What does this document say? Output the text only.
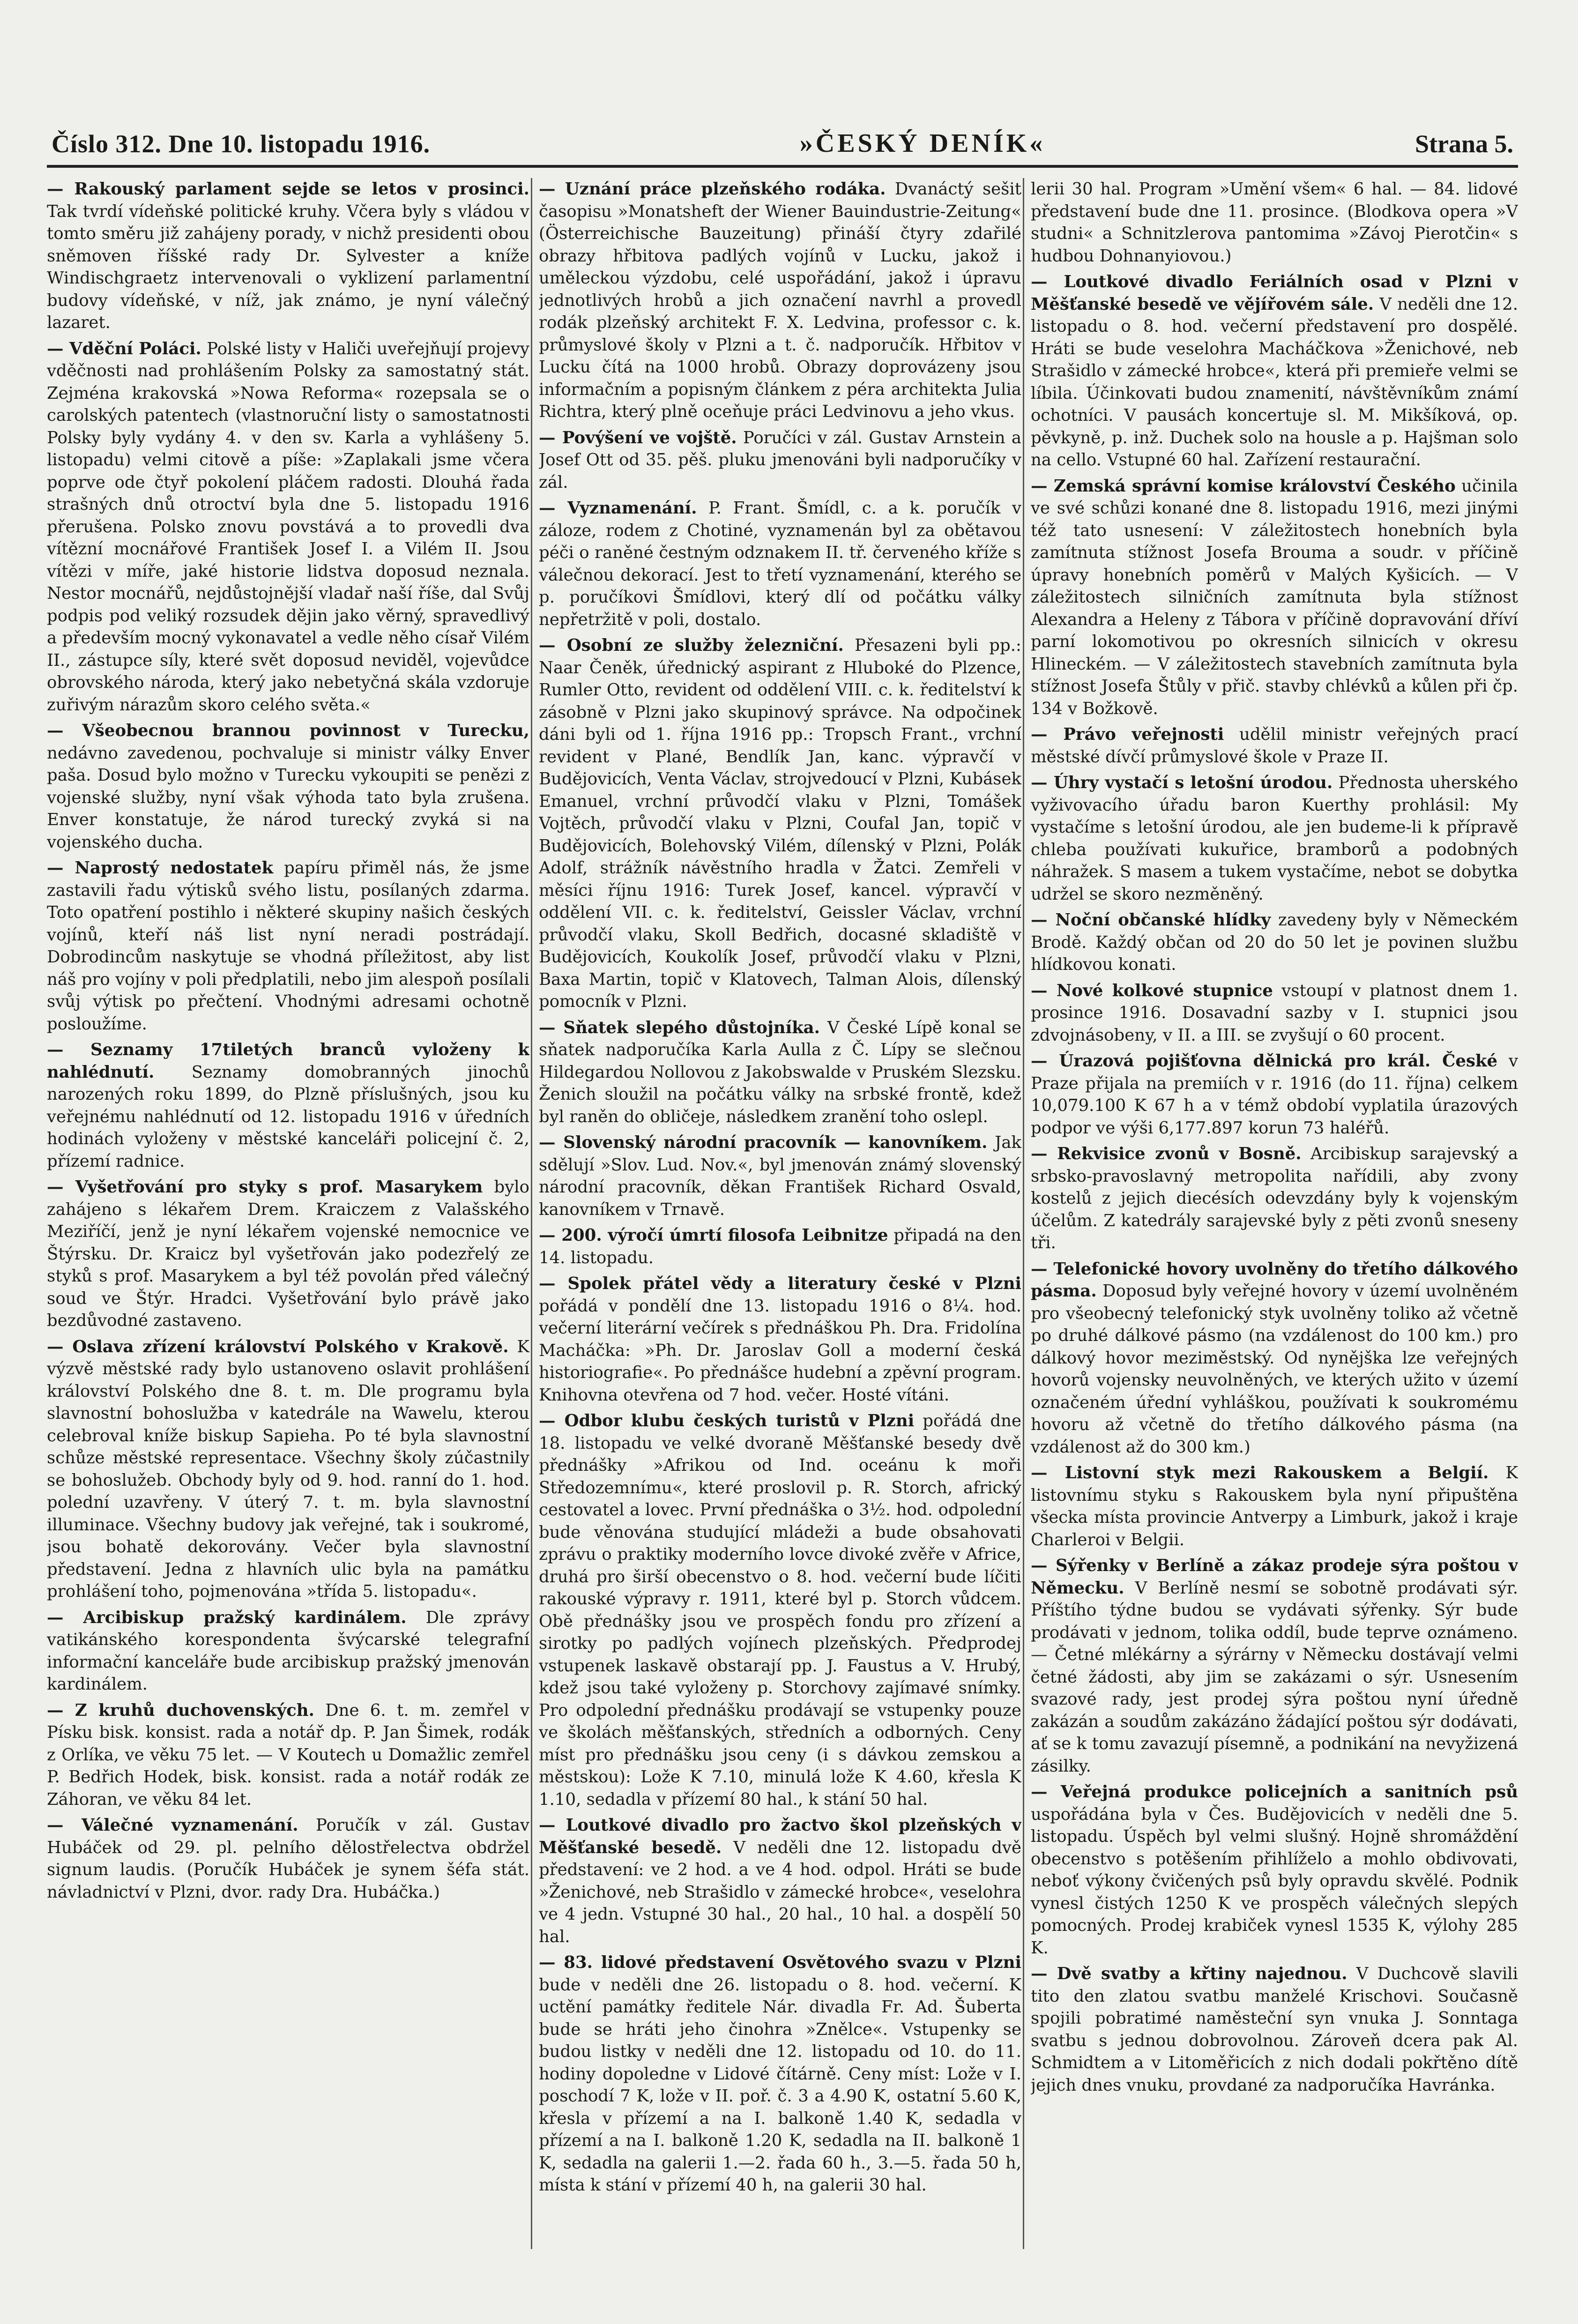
Číslo 312. Dne 10. listopadu 1916.	»ČESKÝ DENÍK«	Strana 5.

— Rakouský parlament sejde se letos v prosinci. Tak tvrdí vídeňské politické kruhy. Včera byly s vládou v tomto směru již zahájeny porady, v nichž presidenti obou sněmoven říšské rady Dr. Sylvester a kníže Windischgraetz intervenovali o vyklizení parlamentní budovy vídeňské, v níž, jak známo, je nyní válečný lazaret.

— Vděční Poláci. Polské listy v Haliči uveřejňují projevy vděčnosti nad prohlášením Polsky za samostatný stát. Zejména krakovská »Nowa Reforma« rozepsala se o carolských patentech (vlastnoruční listy o samostatnosti Polsky byly vydány 4. v den sv. Karla a vyhlášeny 5. listopadu) velmi citově a píše: »Zaplakali jsme včera poprve ode čtyř pokolení pláčem radosti. Dlouhá řada strašných dnů otroctví byla dne 5. listopadu 1916 přerušena. Polsko znovu povstává a to provedli dva vítězní mocnářové František Josef I. a Vilém II. Jsou vítězi v míře, jaké historie lidstva doposud neznala. Nestor mocnářů, nejdůstojnější vladař naší říše, dal Svůj podpis pod veliký rozsudek dějin jako věrný, spravedlivý a především mocný vykonavatel a vedle něho císař Vilém II., zástupce síly, které svět doposud neviděl, vojevůdce obrovského národa, který jako nebetyčná skála vzdoruje zuřivým nárazům skoro celého světa.«

— Všeobecnou brannou povinnost v Turecku, nedávno zavedenou, pochvaluje si ministr války Enver paša. Dosud bylo možno v Turecku vykoupiti se penězi z vojenské služby, nyní však výhoda tato byla zrušena. Enver konstatuje, že národ turecký zvyká si na vojenského ducha.

— Naprostý nedostatek papíru přiměl nás, že jsme zastavili řadu výtisků svého listu, posílaných zdarma. Toto opatření postihlo i některé skupiny našich českých vojínů, kteří náš list nyní neradi postrádají. Dobrodincům naskytuje se vhodná příležitost, aby list náš pro vojíny v poli předplatili, nebo jim alespoň posílali svůj výtisk po přečtení. Vhodnými adresami ochotně posloužíme.

— Seznamy 17tiletých branců vyloženy k nahlédnutí. Seznamy domobranných jinochů narozených roku 1899, do Plzně příslušných, jsou ku veřejnému nahlédnutí od 12. listopadu 1916 v úředních hodinách vyloženy v městské kanceláři policejní č. 2, přízemí radnice.

— Vyšetřování pro styky s prof. Masarykem bylo zahájeno s lékařem Drem. Kraiczem z Valašského Meziříčí, jenž je nyní lékařem vojenské nemocnice ve Štýrsku. Dr. Kraicz byl vyšetřován jako podezřelý ze styků s prof. Masarykem a byl též povolán před válečný soud ve Štýr. Hradci. Vyšetřování bylo právě jako bezdůvodné zastaveno.

— Oslava zřízení království Polského v Krakově. K výzvě městské rady bylo ustanoveno oslavit prohlášení království Polského dne 8. t. m. Dle programu byla slavnostní bohoslužba v katedrále na Wawelu, kterou celebroval kníže biskup Sapieha. Po té byla slavnostní schůze městské representace. Všechny školy zúčastnily se bohoslužeb. Obchody byly od 9. hod. ranní do 1. hod. polední uzavřeny. V úterý 7. t. m. byla slavnostní illuminace. Všechny budovy jak veřejné, tak i soukromé, jsou bohatě dekorovány. Večer byla slavnostní představení. Jedna z hlavních ulic byla na památku prohlášení toho, pojmenována »třída 5. listopadu«.

— Arcibiskup pražský kardinálem. Dle zprávy vatikánského korespondenta švýcarské telegrafní informační kanceláře bude arcibiskup pražský jmenován kardinálem.

— Z kruhů duchovenských. Dne 6. t. m. zemřel v Písku bisk. konsist. rada a notář dp. P. Jan Šimek, rodák z Orlíka, ve věku 75 let. — V Koutech u Domažlic zemřel P. Bedřich Hodek, bisk. konsist. rada a notář rodák ze Záhoran, ve věku 84 let.

— Válečné vyznamenání. Poručík v zál. Gustav Hubáček od 29. pl. pelního dělostřelectva obdržel signum laudis. (Poručík Hubáček je synem šéfa stát. návladnictví v Plzni, dvor. rady Dra. Hubáčka.)

— Uznání práce plzeňského rodáka. Dvanáctý sešit časopisu »Monatsheft der Wiener Bauindustrie-Zeitung« (Österreichische Bauzeitung) přináší čtyry zdařilé obrazy hřbitova padlých vojínů v Lucku, jakož i uměleckou výzdobu, celé uspořádání, jakož i úpravu jednotlivých hrobů a jich označení navrhl a provedl rodák plzeňský architekt F. X. Ledvina, professor c. k. průmyslové školy v Plzni a t. č. nadporučík. Hřbitov v Lucku čítá na 1000 hrobů. Obrazy doprovázeny jsou informačním a popisným článkem z péra architekta Julia Richtra, který plně oceňuje práci Ledvinovu a jeho vkus.

— Povýšení ve vojště. Poručíci v zál. Gustav Arnstein a Josef Ott od 35. pěš. pluku jmenováni byli nadporučíky v zál.

— Vyznamenání. P. Frant. Šmídl, c. a k. poručík v záloze, rodem z Chotiné, vyznamenán byl za obětavou péči o raněné čestným odznakem II. tř. červeného kříže s válečnou dekorací. Jest to třetí vyznamenání, kterého se p. poručíkovi Šmídlovi, který dlí od počátku války nepřetržitě v poli, dostalo.

— Osobní ze služby železniční. Přesazeni byli pp.: Naar Čeněk, úřednický aspirant z Hluboké do Plzence, Rumler Otto, revident od oddělení VIII. c. k. ředitelství k zásobně v Plzni jako skupinový správce. Na odpočinek dáni byli od 1. října 1916 pp.: Tropsch Frant., vrchní revident v Plané, Bendlík Jan, kanc. výpravčí v Budějovicích, Venta Václav, strojvedoucí v Plzni, Kubásek Emanuel, vrchní průvodčí vlaku v Plzni, Tomášek Vojtěch, průvodčí vlaku v Plzni, Coufal Jan, topič v Budějovicích, Bolehovský Vilém, dílenský v Plzni, Polák Adolf, strážník návěstního hradla v Žatci. Zemřeli v měsíci říjnu 1916: Turek Josef, kancel. výpravčí v oddělení VII. c. k. ředitelství, Geissler Václav, vrchní průvodčí vlaku, Skoll Bedřich, docasné skladiště v Budějovicích, Koukolík Josef, průvodčí vlaku v Plzni, Baxa Martin, topič v Klatovech, Talman Alois, dílenský pomocník v Plzni.

— Sňatek slepého důstojníka. V České Lípě konal se sňatek nadporučíka Karla Aulla z Č. Lípy se slečnou Hildegardou Nollovou z Jakobswalde v Pruském Slezsku. Ženich sloužil na počátku války na srbské frontě, kdež byl raněn do obličeje, následkem zranění toho oslepl.

— Slovenský národní pracovník — kanovníkem. Jak sdělují »Slov. Lud. Nov.«, byl jmenován známý slovenský národní pracovník, děkan František Richard Osvald, kanovníkem v Trnavě.

— 200. výročí úmrtí filosofa Leibnitze připadá na den 14. listopadu.

— Spolek přátel vědy a literatury české v Plzni pořádá v pondělí dne 13. listopadu 1916 o 8¼. hod. večerní literární večírek s přednáškou Ph. Dra. Fridolína Macháčka: »Ph. Dr. Jaroslav Goll a moderní česká historiografie«. Po přednášce hudební a zpěvní program. Knihovna otevřena od 7 hod. večer. Hosté vítáni.

— Odbor klubu českých turistů v Plzni pořádá dne 18. listopadu ve velké dvoraně Měšťanské besedy dvě přednášky »Afrikou od Ind. oceánu k moři Středozemnímu«, které proslovil p. R. Storch, africký cestovatel a lovec. První přednáška o 3½. hod. odpolední bude věnována studující mládeži a bude obsahovati zprávu o praktiky moderního lovce divoké zvěře v Africe, druhá pro širší obecenstvo o 8. hod. večerní bude líčiti rakouské výpravy r. 1911, které byl p. Storch vůdcem. Obě přednášky jsou ve prospěch fondu pro zřízení a sirotky po padlých vojínech plzeňských. Předprodej vstupenek laskavě obstarají pp. J. Faustus a V. Hrubý, kdež jsou také vyloženy p. Storchovy zajímavé snímky. Pro odpolední přednášku prodávají se vstupenky pouze ve školách měšťanských, středních a odborných. Ceny míst pro přednášku jsou ceny (i s dávkou zemskou a městskou): Lože K 7.10, minulá lože K 4.60, křesla K 1.10, sedadla v přízemí 80 hal., k stání 50 hal.

— Loutkové divadlo pro žactvo škol plzeňských v Měšťanské besedě. V neděli dne 12. listopadu dvě představení: ve 2 hod. a ve 4 hod. odpol. Hráti se bude »Ženichové, neb Strašidlo v zámecké hrobce«, veselohra ve 4 jedn. Vstupné 30 hal., 20 hal., 10 hal. a dospělí 50 hal.

— 83. lidové představení Osvětového svazu v Plzni bude v neděli dne 26. listopadu o 8. hod. večerní. K uctění památky ředitele Nár. divadla Fr. Ad. Šuberta bude se hráti jeho činohra »Znělce«. Vstupenky se budou listky v neděli dne 12. listopadu od 10. do 11. hodiny dopoledne v Lidové čítárně. Ceny míst: Lože v I. poschodí 7 K, lože v II. poř. č. 3 a 4.90 K, ostatní 5.60 K, křesla v přízemí a na I. balkoně 1.40 K, sedadla v přízemí a na I. balkoně 1.20 K, sedadla na II. balkoně 1 K, sedadla na galerii 1.—2. řada 60 h., 3.—5. řada 50 h, místa k stání v přízemí 40 h, na galerii 30 hal.

lerii 30 hal. Program »Umění všem« 6 hal. — 84. lidové představení bude dne 11. prosince. (Blodkova opera »V studni« a Schnitzlerova pantomima »Závoj Pierotčin« s hudbou Dohnanyiovou.)

— Loutkové divadlo Feriálních osad v Plzni v Měšťanské besedě ve vějířovém sále. V neděli dne 12. listopadu o 8. hod. večerní představení pro dospělé. Hráti se bude veselohra Macháčkova »Ženichové, neb Strašidlo v zámecké hrobce«, která při premieře velmi se líbila. Účinkovati budou znamenití, návštěvníkům známí ochotníci. V pausách koncertuje sl. M. Mikšíková, op. pěvkyně, p. inž. Duchek solo na housle a p. Hajšman solo na cello. Vstupné 60 hal. Zařízení restaurační.

— Zemská správní komise království Českého učinila ve své schůzi konané dne 8. listopadu 1916, mezi jinými též tato usnesení: V záležitostech honebních byla zamítnuta stížnost Josefa Brouma a soudr. v příčině úpravy honebních poměrů v Malých Kyšicích. — V záležitostech silničních zamítnuta byla stížnost Alexandra a Heleny z Tábora v příčině dopravování dříví parní lokomotivou po okresních silnicích v okresu Hlineckém. — V záležitostech stavebních zamítnuta byla stížnost Josefa Štůly v přič. stavby chlévků a kůlen při čp. 134 v Božkově.

— Právo veřejnosti udělil ministr veřejných prací městské dívčí průmyslové škole v Praze II.

— Úhry vystačí s letošní úrodou. Přednosta uherského vyživovacího úřadu baron Kuerthy prohlásil: My vystačíme s letošní úrodou, ale jen budeme-li k přípravě chleba používati kukuřice, bramborů a podobných náhražek. S masem a tukem vystačíme, nebot se dobytka udržel se skoro nezměněný.

— Noční občanské hlídky zavedeny byly v Německém Brodě. Každý občan od 20 do 50 let je povinen službu hlídkovou konati.

— Nové kolkové stupnice vstoupí v platnost dnem 1. prosince 1916. Dosavadní sazby v I. stupnici jsou zdvojnásobeny, v II. a III. se zvyšují o 60 procent.

— Úrazová pojišťovna dělnická pro král. České v Praze přijala na premiích v r. 1916 (do 11. října) celkem 10,079.100 K 67 h a v témž období vyplatila úrazových podpor ve výši 6,177.897 korun 73 haléřů.

— Rekvisice zvonů v Bosně. Arcibiskup sarajevský a srbsko-pravoslavný metropolita nařídili, aby zvony kostelů z jejich diecésích odevzdány byly k vojenským účelům. Z katedrály sarajevské byly z pěti zvonů sneseny tři.

— Telefonické hovory uvolněny do třetího dálkového pásma. Doposud byly veřejné hovory v území uvolněném pro všeobecný telefonický styk uvolněny toliko až včetně po druhé dálkové pásmo (na vzdálenost do 100 km.) pro dálkový hovor meziměstský. Od nynějška lze veřejných hovorů vojensky neuvolněných, ve kterých užito v území označeném úřední vyhláškou, používati k soukromému hovoru až včetně do třetího dálkového pásma (na vzdálenost až do 300 km.)

— Listovní styk mezi Rakouskem a Belgií. K listovnímu styku s Rakouskem byla nyní připuštěna všecka místa provincie Antverpy a Limburk, jakož i kraje Charleroi v Belgii.

— Sýřenky v Berlíně a zákaz prodeje sýra poštou v Německu. V Berlíně nesmí se sobotně prodávati sýr. Příštího týdne budou se vydávati sýřenky. Sýr bude prodávati v jednom, tolika oddíl, bude teprve oznámeno. — Četné mlékárny a sýrárny v Německu dostávají velmi četné žádosti, aby jim se zakázami o sýr. Usnesením svazové rady, jest prodej sýra poštou nyní úředně zakázán a soudům zakázáno žádající poštou sýr dodávati, ať se k tomu zavazují písemně, a podnikání na nevyžizená zásilky.

— Veřejná produkce policejních a sanitních psů uspořádána byla v Čes. Budějovicích v neděli dne 5. listopadu. Úspěch byl velmi slušný. Hojně shromáždění obecenstvo s potěšením přihlíželo a mohlo obdivovati, neboť výkony čvičených psů byly opravdu skvělé. Podnik vynesl čistých 1250 K ve prospěch válečných slepých pomocných. Prodej krabiček vynesl 1535 K, výlohy 285 K.

— Dvě svatby a křtiny najednou. V Duchcově slavili tito den zlatou svatbu manželé Krischovi. Současně spojili pobratimé naměsteční syn vnuka J. Sonntaga svatbu s jednou dobrovolnou. Zároveň dcera pak Al. Schmidtem a v Litoměřicích z nich dodali pokřtěno dítě jejich dnes vnuku, provdané za nadporučíka Havránka.
